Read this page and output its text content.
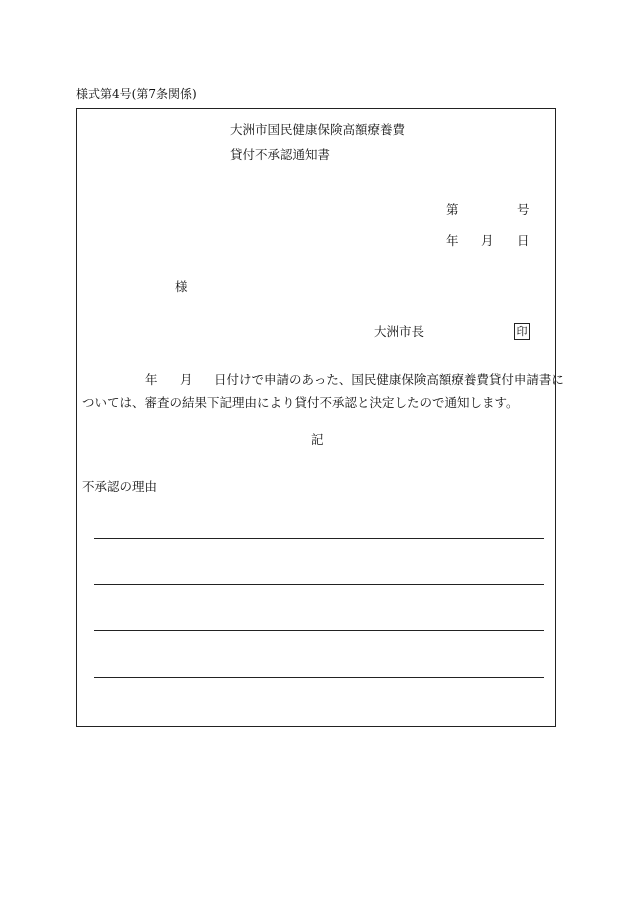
様式第4号(第7条関係)
大洲市国民健康保険高額療養費
貸付不承認通知書
第	号
年 月 日
様
大洲市長	印
年 月 日付けで申請のあった、国民健康保険高額療養費貸付申請書に
ついては、審査の結果下記理由により貸付不承認と決定したので通知します。
記
不承認の理由
